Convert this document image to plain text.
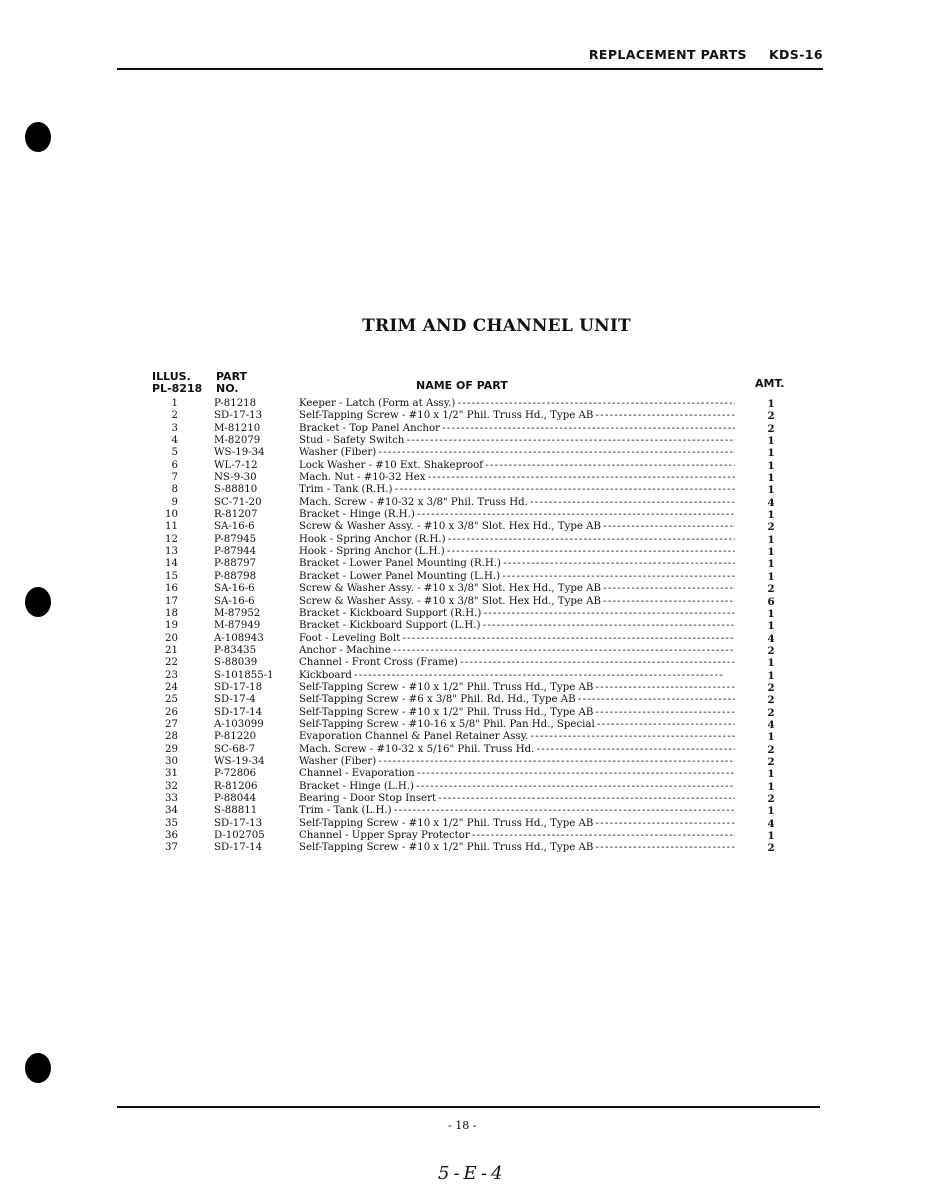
REPLACEMENT PARTS KDS-16
TRIM AND CHANNEL UNIT
ILLUS.
PL-8218
PART
NO.	NAME OF PART	AMT.
1	P-81218	Keeper - Latch (Form at Assy.) - - -	1
2	SD-17-13	Self-Tapping Screw - #10 x 1/2" Phil. Truss Hd., Type AB - - -	2
3	M-81210	Bracket - Top Panel Anchor - - -	2
4	M-82079	Stud - Safety Switch - - -	1
5	WS-19-34	Washer (Fiber) - - -	1
6	WL-7-12	Lock Washer - #10 Ext. Shakeproof - - -	1
7	NS-9-30	Mach. Nut - #10-32 Hex - - -	1
8	S-88810	Trim - Tank (R.H.) - - -	1
9	SC-71-20	Mach. Screw - #10-32 x 3/8" Phil. Truss Hd. - - -	4
10	R-81207	Bracket - Hinge (R.H.) - - -	1
11	SA-16-6	Screw & Washer Assy. - #10 x 3/8" Slot. Hex Hd., Type AB - - -	2
12	P-87945	Hook - Spring Anchor (R.H.) - - -	1
13	P-87944	Hook - Spring Anchor (L.H.) - - -	1
14	P-88797	Bracket - Lower Panel Mounting (R.H.) - - -	1
15	P-88798	Bracket - Lower Panel Mounting (L.H.) - - -	1
16	SA-16-6	Screw & Washer Assy. - #10 x 3/8" Slot. Hex Hd., Type AB - - -	2
17	SA-16-6	Screw & Washer Assy. - #10 x 3/8" Slot. Hex Hd., Type AB - - -	6
18	M-87952	Bracket - Kickboard Support (R.H.) - - -	1
19	M-87949	Bracket - Kickboard Support (L.H.) - - -	1
20	A-108943	Foot - Leveling Bolt - - -	4
21	P-83435	Anchor - Machine - - -	2
22	S-88039	Channel - Front Cross (Frame) - - -	1
23	S-101855-1 Kickboard - - -	1
24	SD-17-18	Self-Tapping Screw - #10 x 1/2" Phil. Truss Hd., Type AB - - -	2
25	SD-17-4	Self-Tapping Screw - #6 x 3/8" Phil. Rd. Hd., Type AB - - -	2
26	SD-17-14	Self-Tapping Screw - #10 x 1/2" Phil. Truss Hd., Type AB - - -	2
27	A-103099	Self-Tapping Screw - #10-16 x 5/8" Phil. Pan Hd., Special - - -	4
28	P-81220	Evaporation Channel & Panel Retainer Assy. - - -	1
29	SC-68-7	Mach. Screw - #10-32 x 5/16" Phil. Truss Hd. - - -	2
30	WS-19-34	Washer (Fiber) - - -	2
31	P-72806	Channel - Evaporation - - -	1
32	R-81206	Bracket - Hinge (L.H.) - - -	1
33	P-88044	Bearing - Door Stop Insert - - -	2
34	S-88811	Trim - Tank (L.H.) - - -	1
35	SD-17-13	Self-Tapping Screw - #10 x 1/2" Phil. Truss Hd., Type AB - - -	4
36	D-102705	Channel - Upper Spray Protector - - -	1
37	SD-17-14	Self-Tapping Screw - #10 x 1/2" Phil. Truss Hd., Type AB - - -	2
- 18 -
5-E-4
